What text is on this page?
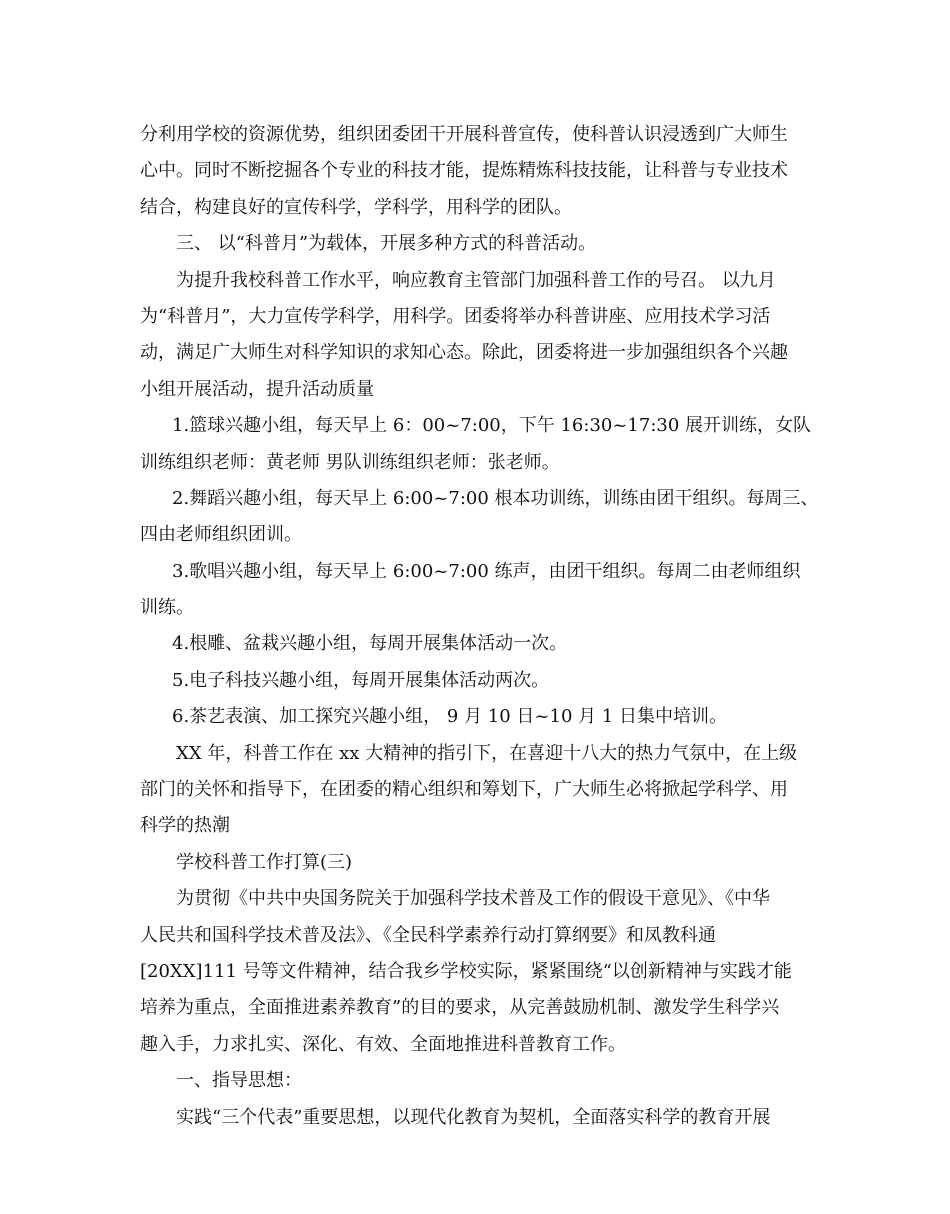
分利用学校的资源优势，组织团委团干开展科普宣传，使科普认识浸透到广大师生
心中。同时不断挖掘各个专业的科技才能，提炼精炼科技技能，让科普与专业技术
结合，构建良好的宣传科学，学科学，用科学的团队。
三、 以“科普月”为载体，开展多种方式的科普活动。
为提升我校科普工作水平，响应教育主管部门加强科普工作的号召。 以九月
为“科普月”，大力宣传学科学，用科学。团委将举办科普讲座、应用技术学习活
动，满足广大师生对科学知识的求知心态。除此，团委将进一步加强组织各个兴趣
小组开展活动，提升活动质量
1.篮球兴趣小组，每天早上 6：00~7:00，下午 16:30~17:30 展开训练，女队
训练组织老师：黄老师 男队训练组织老师：张老师。
2.舞蹈兴趣小组，每天早上 6:00~7:00 根本功训练，训练由团干组织。每周三、
四由老师组织团训。
3.歌唱兴趣小组，每天早上 6:00~7:00 练声，由团干组织。每周二由老师组织
训练。
4.根雕、盆栽兴趣小组，每周开展集体活动一次。
5.电子科技兴趣小组，每周开展集体活动两次。
6.茶艺表演、加工探究兴趣小组， 9 月 10 日~10 月 1 日集中培训。
XX 年，科普工作在 xx 大精神的指引下，在喜迎十八大的热力气氛中，在上级
部门的关怀和指导下，在团委的精心组织和筹划下，广大师生必将掀起学科学、用
科学的热潮
学校科普工作打算(三)
为贯彻《中共中央国务院关于加强科学技术普及工作的假设干意见》、《中华
人民共和国科学技术普及法》、《全民科学素养行动打算纲要》和凤教科通
[20XX]111 号等文件精神，结合我乡学校实际，紧紧围绕“以创新精神与实践才能
培养为重点，全面推进素养教育”的目的要求，从完善鼓励机制、激发学生科学兴
趣入手，力求扎实、深化、有效、全面地推进科普教育工作。
一、指导思想：
实践“三个代表”重要思想，以现代化教育为契机，全面落实科学的教育开展
